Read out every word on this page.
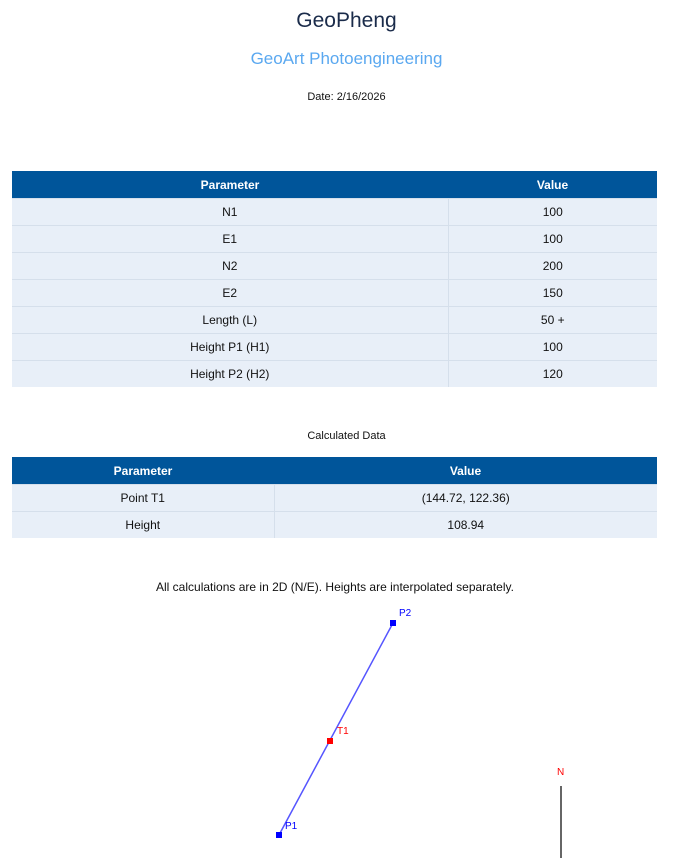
GeoPheng
GeoArt Photoengineering
Date: 2/16/2026
Parameter	Value
N1	100
E1	100
N2	200
E2	150
Length (L)	50 +
Height P1 (H1)	100
Height P2 (H2)	120
Calculated Data
Parameter	Value
Point T1	(144.72, 122.36)
Height	108.94
All calculations are in 2D (N/E). Heights are interpolated separately.
P1
P2
T1
N
